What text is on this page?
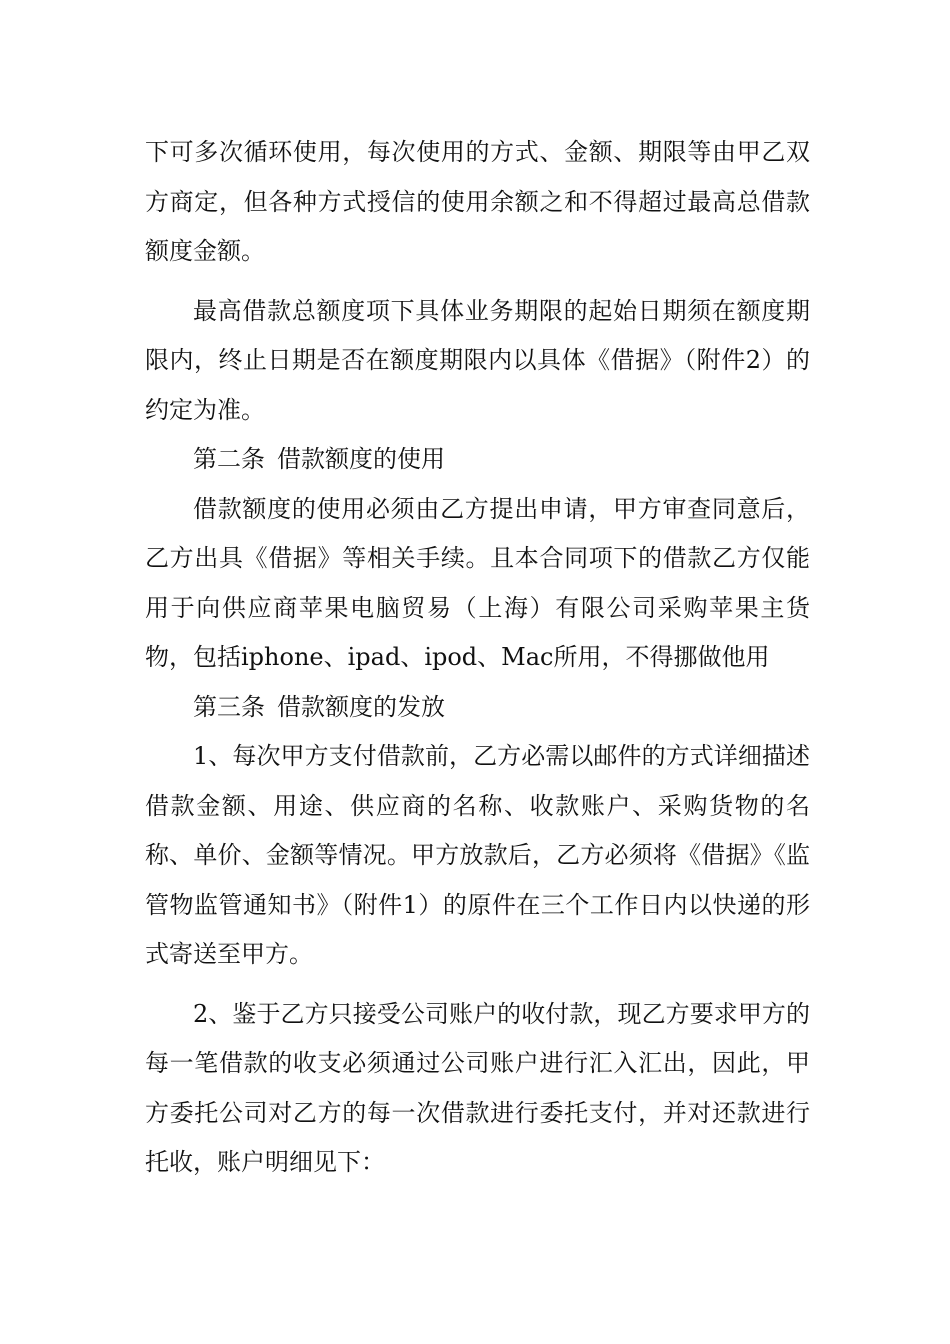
下可多次循环使用，每次使用的方式、金额、期限等由甲乙双方商定，但各种方式授信的使用余额之和不得超过最高总借款额度金额。

最高借款总额度项下具体业务期限的起始日期须在额度期限内，终止日期是否在额度期限内以具体《借据》（附件2）的约定为准。

第二条 借款额度的使用

借款额度的使用必须由乙方提出申请，甲方审查同意后，乙方出具《借据》等相关手续。且本合同项下的借款乙方仅能用于向供应商苹果电脑贸易（上海）有限公司采购苹果主货物，包括iphone、ipad、ipod、Mac所用，不得挪做他用

第三条 借款额度的发放

1、每次甲方支付借款前，乙方必需以邮件的方式详细描述借款金额、用途、供应商的名称、收款账户、采购货物的名称、单价、金额等情况。甲方放款后，乙方必须将《借据》《监管物监管通知书》（附件1）的原件在三个工作日内以快递的形式寄送至甲方。

2、鉴于乙方只接受公司账户的收付款，现乙方要求甲方的每一笔借款的收支必须通过公司账户进行汇入汇出，因此，甲方委托公司对乙方的每一次借款进行委托支付，并对还款进行托收，账户明细见下：
